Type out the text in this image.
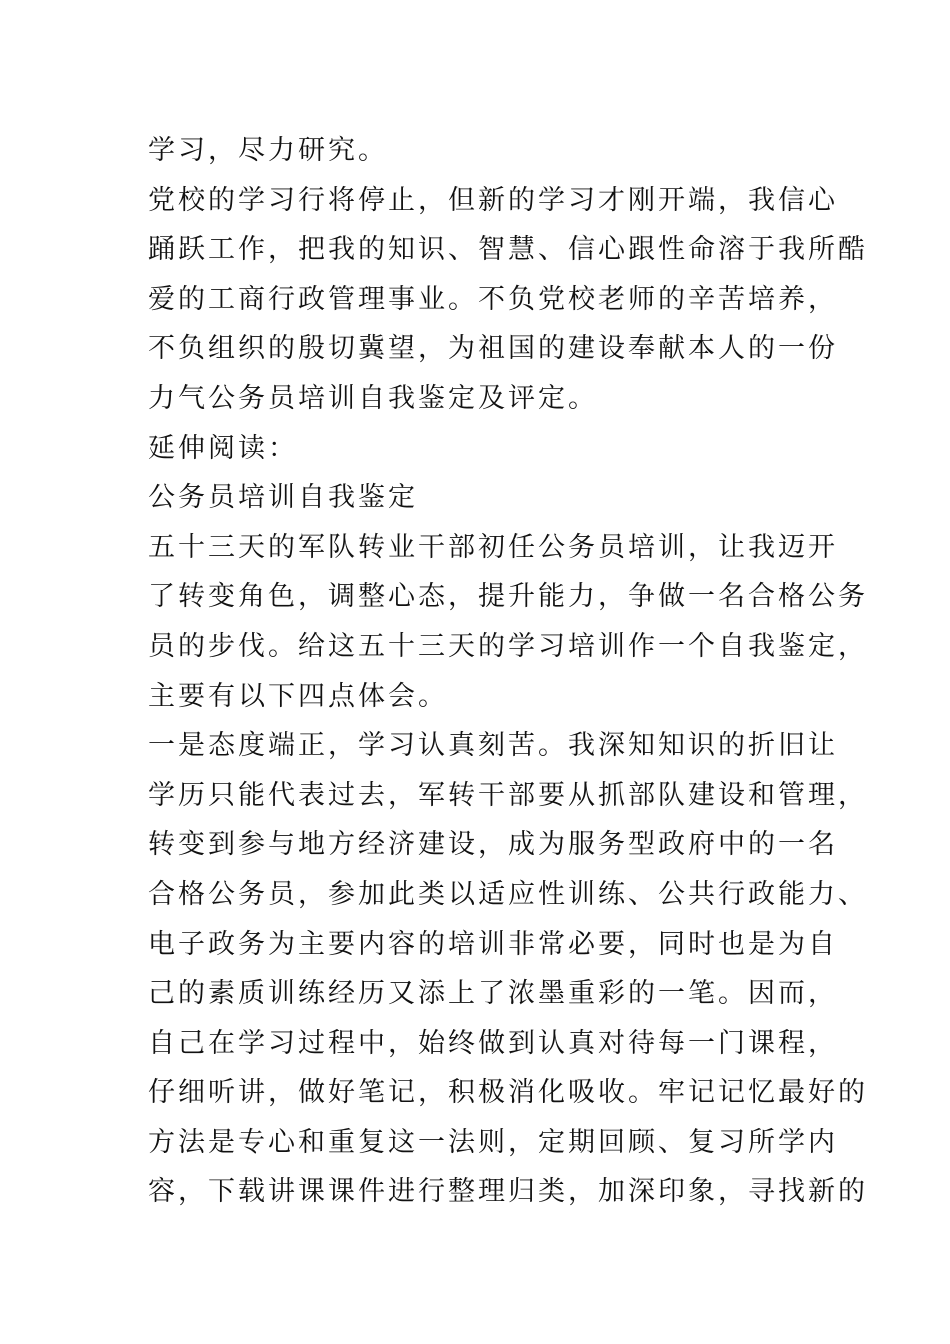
学习，尽力研究。
党校的学习行将停止，但新的学习才刚开端，我信心
踊跃工作，把我的知识、智慧、信心跟性命溶于我所酷
爱的工商行政管理事业。不负党校老师的辛苦培养，
不负组织的殷切冀望，为祖国的建设奉献本人的一份
力气公务员培训自我鉴定及评定。
延伸阅读：
公务员培训自我鉴定
五十三天的军队转业干部初任公务员培训，让我迈开
了转变角色，调整心态，提升能力，争做一名合格公务
员的步伐。给这五十三天的学习培训作一个自我鉴定，
主要有以下四点体会。
一是态度端正，学习认真刻苦。我深知知识的折旧让
学历只能代表过去，军转干部要从抓部队建设和管理，
转变到参与地方经济建设，成为服务型政府中的一名
合格公务员，参加此类以适应性训练、公共行政能力、
电子政务为主要内容的培训非常必要，同时也是为自
己的素质训练经历又添上了浓墨重彩的一笔。因而，
自己在学习过程中，始终做到认真对待每一门课程，
仔细听讲，做好笔记，积极消化吸收。牢记记忆最好的
方法是专心和重复这一法则，定期回顾、复习所学内
容，下载讲课课件进行整理归类，加深印象，寻找新的
